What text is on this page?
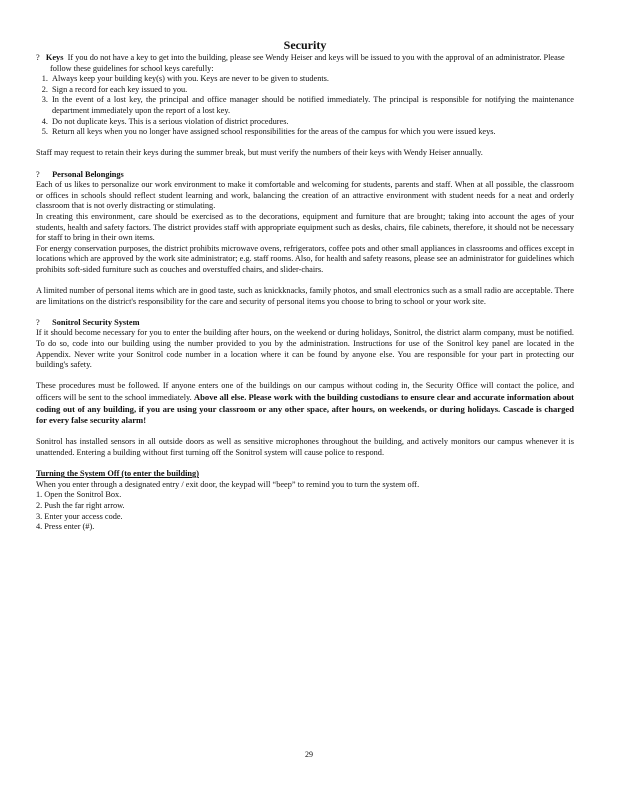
Security
? Keys If you do not have a key to get into the building, please see Wendy Heiser and keys will be issued to you with the approval of an administrator. Please follow these guidelines for school keys carefully:
1. Always keep your building key(s) with you. Keys are never to be given to students.
2. Sign a record for each key issued to you.
3. In the event of a lost key, the principal and office manager should be notified immediately. The principal is responsible for notifying the maintenance department immediately upon the report of a lost key.
4. Do not duplicate keys. This is a serious violation of district procedures.
5. Return all keys when you no longer have assigned school responsibilities for the areas of the campus for which you were issued keys.

Staff may request to retain their keys during the summer break, but must verify the numbers of their keys with Wendy Heiser annually.

? Personal Belongings

Each of us likes to personalize our work environment to make it comfortable and welcoming for students, parents and staff. When at all possible, the classroom or offices in schools should reflect student learning and work, balancing the creation of an attractive environment with student needs for a neat and orderly classroom that is not overly distracting or stimulating.

In creating this environment, care should be exercised as to the decorations, equipment and furniture that are brought; taking into account the ages of your students, health and safety factors. The district provides staff with appropriate equipment such as desks, chairs, file cabinets, therefore, it should not be necessary for staff to bring in their own items.

For energy conservation purposes, the district prohibits microwave ovens, refrigerators, coffee pots and other small appliances in classrooms and offices except in locations which are approved by the work site administrator; e.g. staff rooms. Also, for health and safety reasons, please see an administrator for guidelines which prohibits soft-sided furniture such as couches and overstuffed chairs, and slider-chairs.

A limited number of personal items which are in good taste, such as knickknacks, family photos, and small electronics such as a small radio are acceptable. There are limitations on the district's responsibility for the care and security of personal items you choose to bring to school or your work site.

? Sonitrol Security System

If it should become necessary for you to enter the building after hours, on the weekend or during holidays, Sonitrol, the district alarm company, must be notified. To do so, code into our building using the number provided to you by the administration. Instructions for use of the Sonitrol key panel are located in the Appendix. Never write your Sonitrol code number in a location where it can be found by anyone else. You are responsible for your part in protecting our building's safety.

These procedures must be followed. If anyone enters one of the buildings on our campus without coding in, the Security Office will contact the police, and officers will be sent to the school immediately. Above all else. Please work with the building custodians to ensure clear and accurate information about coding out of any building, if you are using your classroom or any other space, after hours, on weekends, or during holidays. Cascade is charged for every false security alarm!

Sonitrol has installed sensors in all outside doors as well as sensitive microphones throughout the building, and actively monitors our campus whenever it is unattended. Entering a building without first turning off the Sonitrol system will cause police to respond.

Turning the System Off (to enter the building)

When you enter through a designated entry / exit door, the keypad will “beep” to remind you to turn the system off.

1. Open the Sonitrol Box.
2. Push the far right arrow.
3. Enter your access code.
4. Press enter (#).
29
